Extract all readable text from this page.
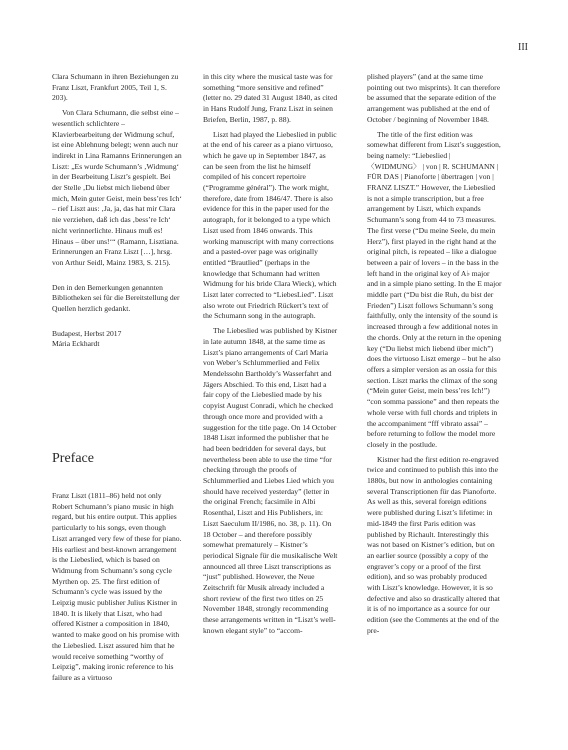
III

Clara Schumann in ihren Beziehungen zu Franz Liszt, Frankfurt 2005, Teil 1, S. 203).

Von Clara Schumann, die selbst eine – wesentlich schlichtere – Klavierbearbeitung der Widmung schuf, ist eine Ablehnung belegt; wenn auch nur indirekt in Lina Ramanns Erinnerungen an Liszt: „Es wurde Schumann’s ‚Widmung‘ in der Bearbeitung Liszt’s gespielt. Bei der Stelle ‚Du liebst mich liebend über mich, Mein guter Geist, mein bess’res Ich‘ – rief Liszt aus: ‚Ja, ja, das hat mir Clara nie verziehen, daß ich das ‚bess’re Ich‘ nicht verinnerlichte. Hinaus muß es! Hinaus – über uns!‘“ (Ramann, Lisztiana. Erinnerungen an Franz Liszt […], hrsg. von Arthur Seidl, Mainz 1983, S. 215).

Den in den Bemerkungen genannten Bibliotheken sei für die Bereitstellung der Quellen herzlich gedankt.

Budapest, Herbst 2017

Mária Eckhardt

Preface
Franz Liszt (1811–86) held not only Robert Schumann’s piano music in high regard, but his entire output. This applies particularly to his songs, even though Liszt arranged very few of these for piano. His earliest and best-known arrangement is the Liebeslied, which is based on Widmung from Schumann’s song cycle Myrthen op. 25. The first edition of Schumann’s cycle was issued by the Leipzig music publisher Julius Kistner in 1840. It is likely that Liszt, who had offered Kistner a composition in 1840, wanted to make good on his promise with the Liebeslied. Liszt assured him that he would receive something “worthy of Leipzig”, making ironic reference to his failure as a virtuoso

in this city where the musical taste was for something “more sensitive and refined” (letter no. 29 dated 31 August 1840, as cited in Hans Rudolf Jung, Franz Liszt in seinen Briefen, Berlin, 1987, p. 88).

Liszt had played the Liebeslied in public at the end of his career as a piano virtuoso, which he gave up in September 1847, as can be seen from the list he himself compiled of his concert repertoire (“Programme général”). The work might, therefore, date from 1846/47. There is also evidence for this in the paper used for the autograph, for it belonged to a type which Liszt used from 1846 onwards. This working manuscript with many corrections and a pasted-over page was originally entitled “Brautlied” (perhaps in the knowledge that Schumann had written Widmung for his bride Clara Wieck), which Liszt later corrected to “LiebesLied”. Liszt also wrote out Friedrich Rückert’s text of the Schumann song in the autograph.

The Liebeslied was published by Kistner in late autumn 1848, at the same time as Liszt’s piano arrangements of Carl Maria von Weber’s Schlummerlied and Felix Mendelssohn Bartholdy’s Wasserfahrt and Jägers Abschied. To this end, Liszt had a fair copy of the Liebeslied made by his copyist August Conradi, which he checked through once more and provided with a suggestion for the title page. On 14 October 1848 Liszt informed the publisher that he had been bedridden for several days, but nevertheless been able to use the time “for checking through the proofs of Schlummerlied and Liebes Lied which you should have received yesterday” (letter in the original French; facsimile in Albi Rosenthal, Liszt and His Publishers, in: Liszt Saeculum II/1986, no. 38, p. 11). On 18 October – and therefore possibly somewhat prematurely – Kistner’s periodical Signale für die musikalische Welt announced all three Liszt transcriptions as “just” published. However, the Neue Zeitschrift für Musik already included a short review of the first two titles on 25 November 1848, strongly recommending these arrangements written in “Liszt’s well-known elegant style” to “accom-

plished players” (and at the same time pointing out two misprints). It can therefore be assumed that the separate edition of the arrangement was published at the end of October / beginning of November 1848.

The title of the first edition was somewhat different from Liszt’s suggestion, being namely: “Liebeslied | 〈WIDMUNG〉 | von | R. SCHUMANN | FÜR DAS | Pianoforte | übertragen | von | FRANZ LISZT.” However, the Liebeslied is not a simple transcription, but a free arrangement by Liszt, which expands Schumann’s song from 44 to 73 measures. The first verse (“Du meine Seele, du mein Herz”), first played in the right hand at the original pitch, is repeated – like a dialogue between a pair of lovers – in the bass in the left hand in the original key of A♭ major and in a simple piano setting. In the E major middle part (“Du bist die Ruh, du bist der Frieden”) Liszt follows Schumann’s song faithfully, only the intensity of the sound is increased through a few additional notes in the chords. Only at the return in the opening key (“Du liebst mich liebend über mich”) does the virtuoso Liszt emerge – but he also offers a simpler version as an ossia for this section. Liszt marks the climax of the song (“Mein guter Geist, mein bess’res Ich!”) “con somma passione” and then repeats the whole verse with full chords and triplets in the accompaniment “fff vibrato assai” – before returning to follow the model more closely in the postlude.

Kistner had the first edition re-engraved twice and continued to publish this into the 1880s, but now in anthologies containing several Transcriptionen für das Pianoforte. As well as this, several foreign editions were published during Liszt’s lifetime: in mid-1849 the first Paris edition was published by Richault. Interestingly this was not based on Kistner’s edition, but on an earlier source (possibly a copy of the engraver’s copy or a proof of the first edition), and so was probably produced with Liszt’s knowledge. However, it is so defective and also so drastically altered that it is of no importance as a source for our edition (see the Comments at the end of the pre-
